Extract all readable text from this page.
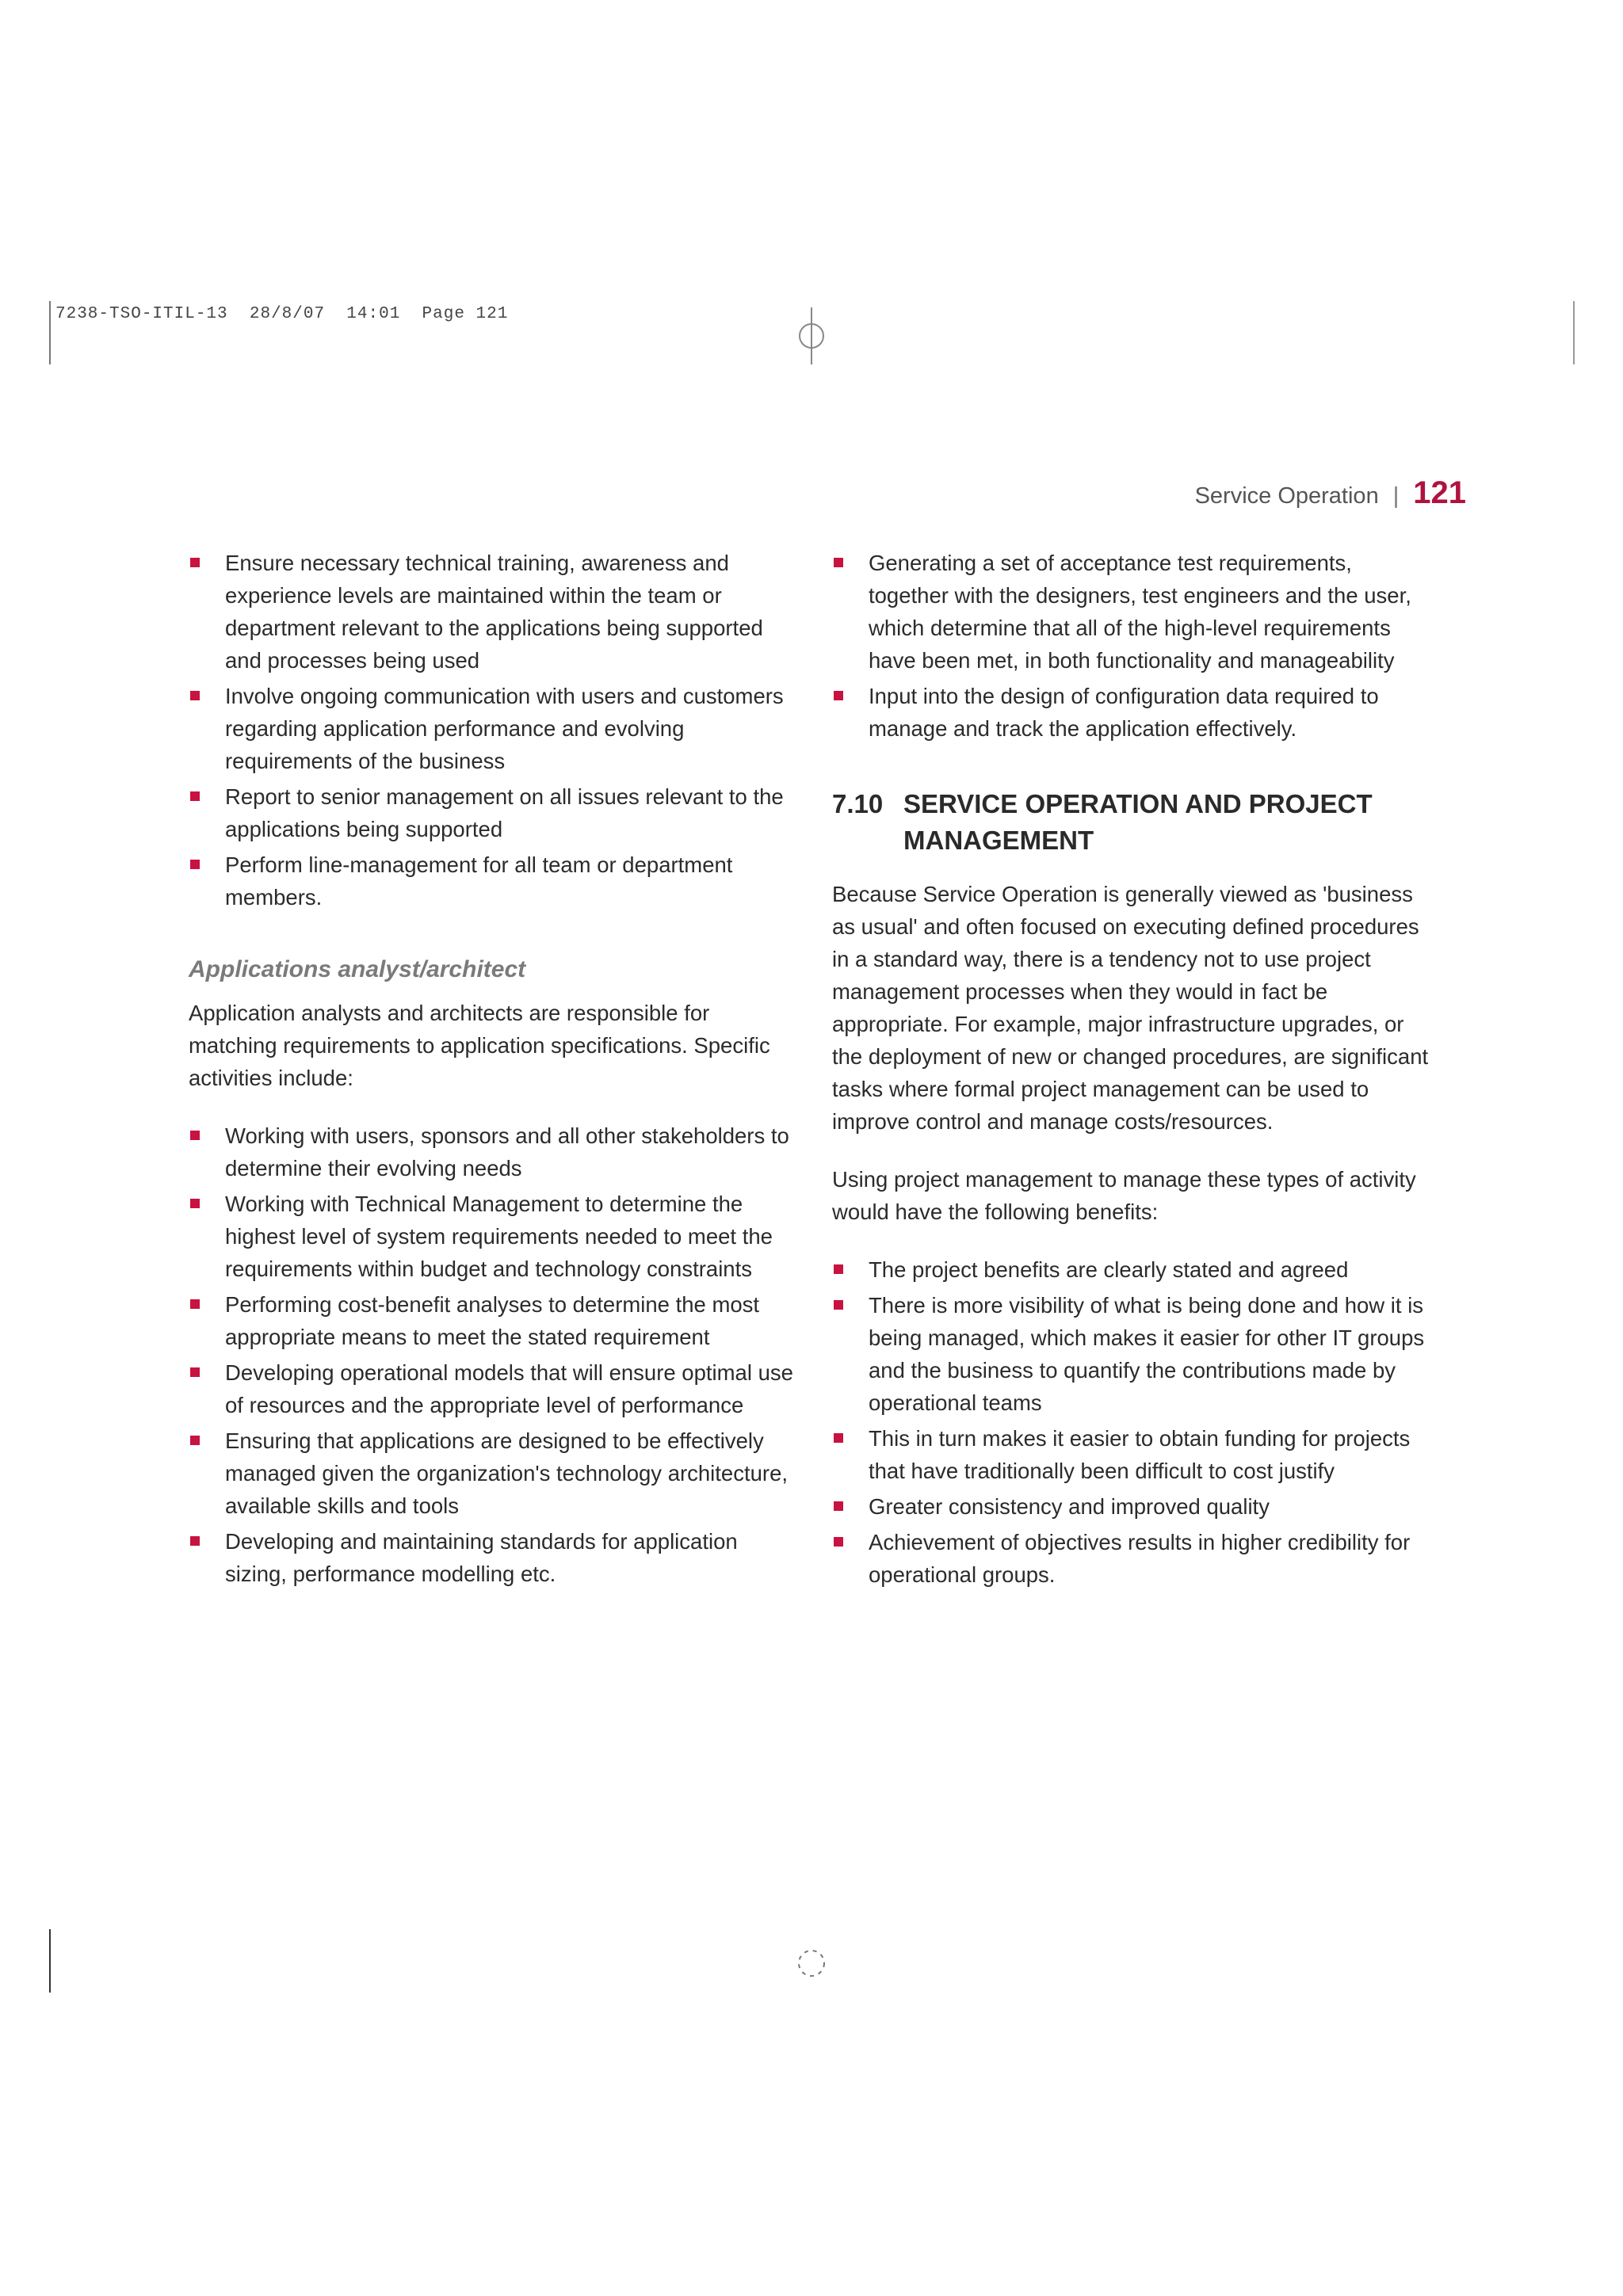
7238-TSO-ITIL-13 28/8/07 14:01 Page 121
Service Operation | 121
Ensure necessary technical training, awareness and experience levels are maintained within the team or department relevant to the applications being supported and processes being used
Involve ongoing communication with users and customers regarding application performance and evolving requirements of the business
Report to senior management on all issues relevant to the applications being supported
Perform line-management for all team or department members.
Applications analyst/architect

Application analysts and architects are responsible for matching requirements to application specifications. Specific activities include:

Working with users, sponsors and all other stakeholders to determine their evolving needs
Working with Technical Management to determine the highest level of system requirements needed to meet the requirements within budget and technology constraints
Performing cost-benefit analyses to determine the most appropriate means to meet the stated requirement
Developing operational models that will ensure optimal use of resources and the appropriate level of performance
Ensuring that applications are designed to be effectively managed given the organization's technology architecture, available skills and tools
Developing and maintaining standards for application sizing, performance modelling etc.
Generating a set of acceptance test requirements, together with the designers, test engineers and the user, which determine that all of the high-level requirements have been met, in both functionality and manageability
Input into the design of configuration data required to manage and track the application effectively.
7.10 SERVICE OPERATION AND PROJECT MANAGEMENT

Because Service Operation is generally viewed as 'business as usual' and often focused on executing defined procedures in a standard way, there is a tendency not to use project management processes when they would in fact be appropriate. For example, major infrastructure upgrades, or the deployment of new or changed procedures, are significant tasks where formal project management can be used to improve control and manage costs/resources.

Using project management to manage these types of activity would have the following benefits:

The project benefits are clearly stated and agreed
There is more visibility of what is being done and how it is being managed, which makes it easier for other IT groups and the business to quantify the contributions made by operational teams
This in turn makes it easier to obtain funding for projects that have traditionally been difficult to cost justify
Greater consistency and improved quality
Achievement of objectives results in higher credibility for operational groups.
